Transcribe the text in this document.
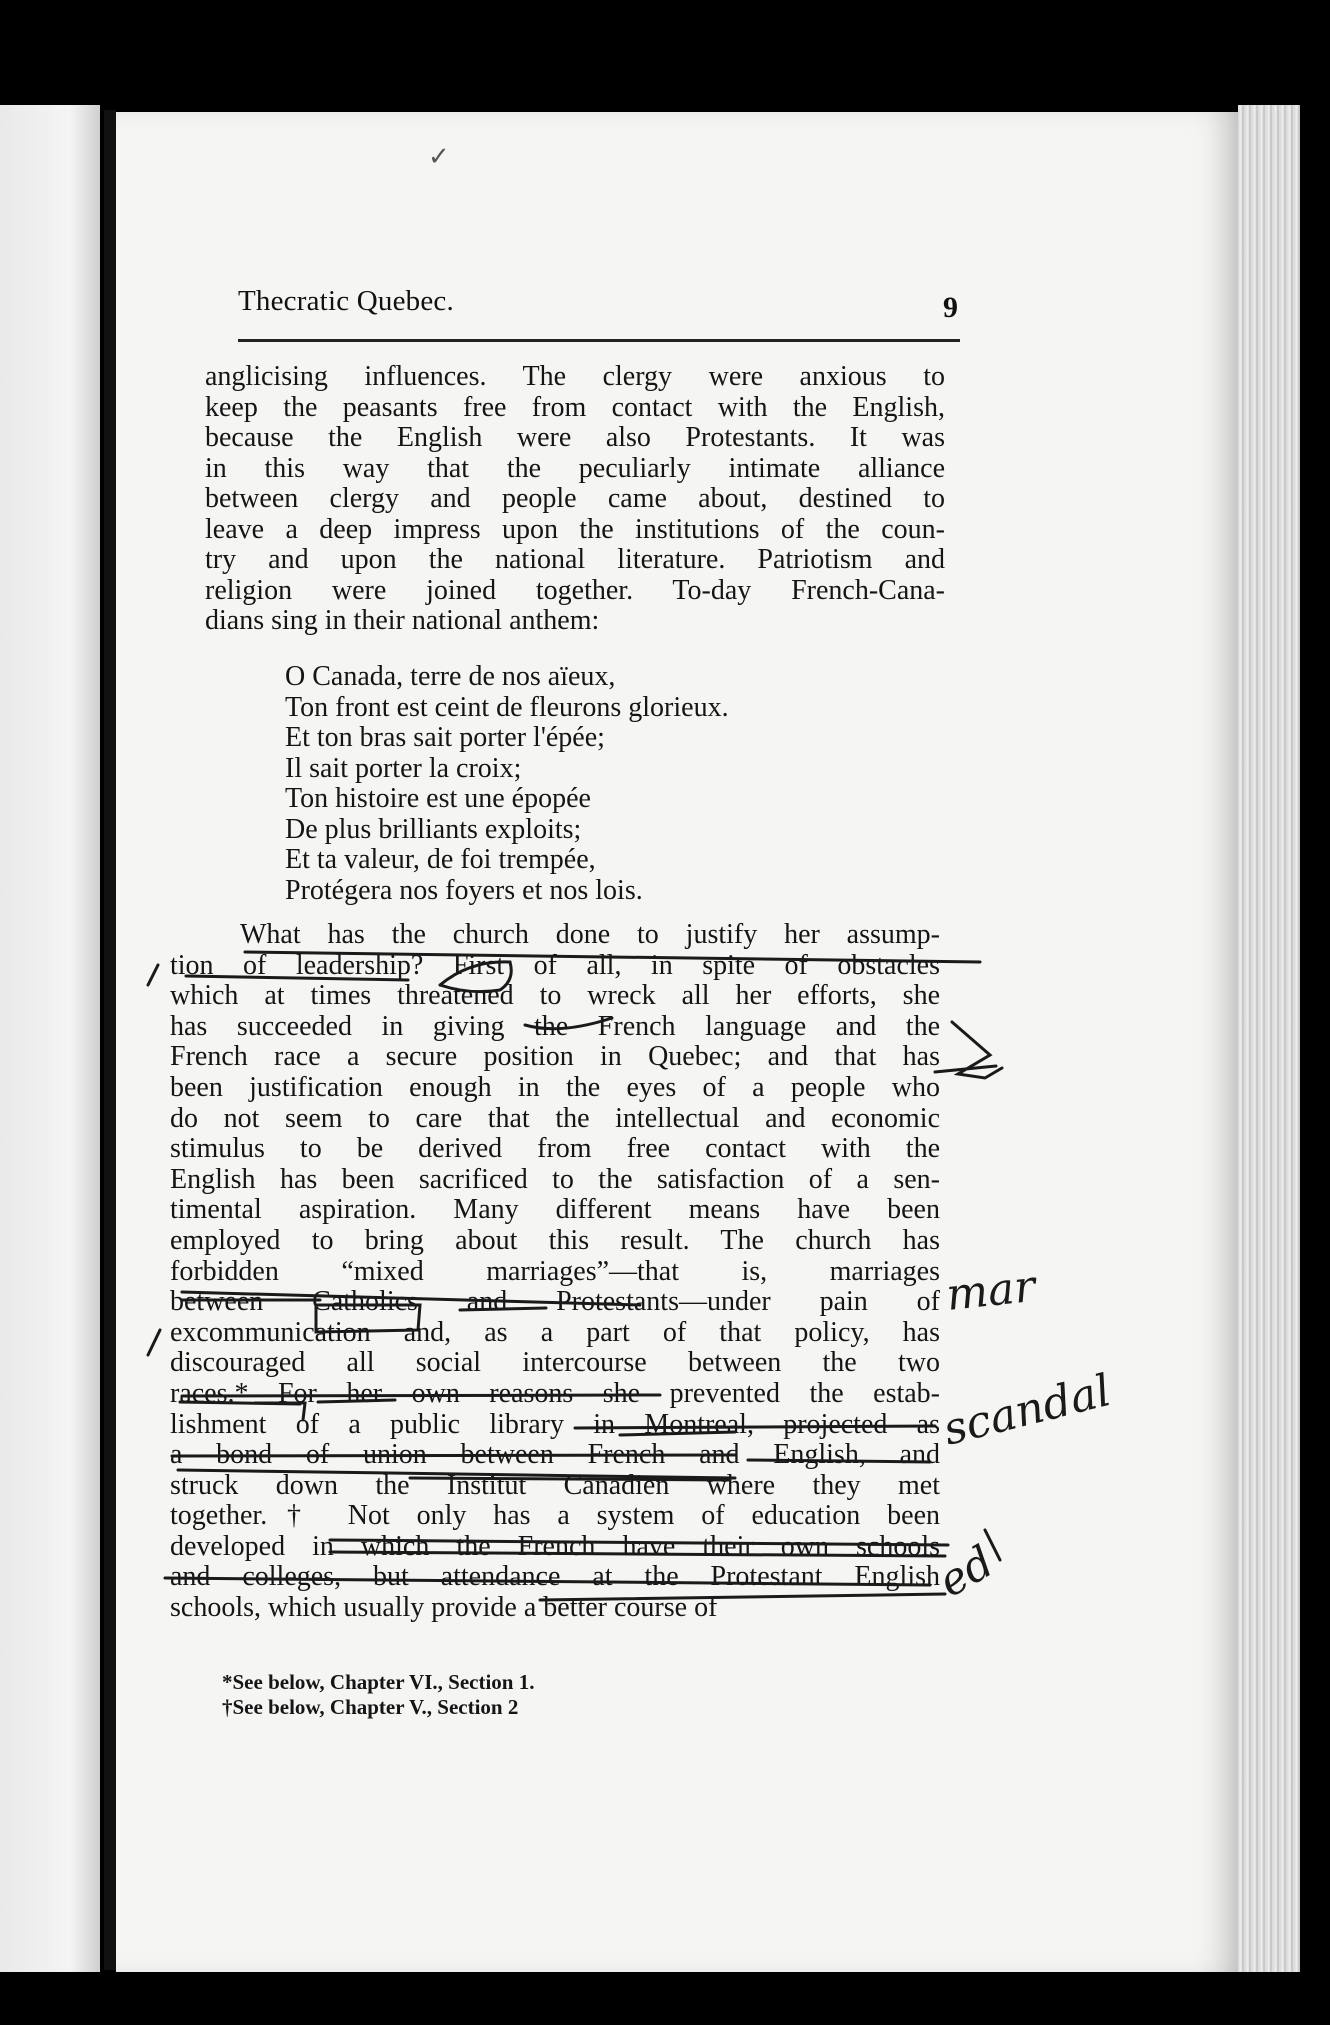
✓
Thecratic Quebec.	9
anglicising influences. The clergy were anxious to
keep the peasants free from contact with the English,
because the English were also Protestants. It was
in this way that the peculiarly intimate alliance
between clergy and people came about, destined to
leave a deep impress upon the institutions of the coun-
try and upon the national literature. Patriotism and
religion were joined together. To-day French-Cana-
dians sing in their national anthem:
O Canada, terre de nos aïeux,
Ton front est ceint de fleurons glorieux.
Et ton bras sait porter l'épée;
Il sait porter la croix;
Ton histoire est une épopée
De plus brilliants exploits;
Et ta valeur, de foi trempée,
Protégera nos foyers et nos lois.
What has the church done to justify her assump-
tion of leadership? First of all, in spite of obstacles
which at times threatened to wreck all her efforts, she
has succeeded in giving the French language and the
French race a secure position in Quebec; and that has
been justification enough in the eyes of a people who
do not seem to care that the intellectual and economic
stimulus to be derived from free contact with the
English has been sacrificed to the satisfaction of a sen-
timental aspiration. Many different means have been
employed to bring about this result. The church has
forbidden “mixed marriages”—that is, marriages
between Catholics and Protestants—under pain of
excommunication and, as a part of that policy, has
discouraged all social intercourse between the two
races.* For her own reasons she prevented the estab-
lishment of a public library in Montreal, projected as
a bond of union between French and English, and
struck down the Institut Canadien where they met
together.† Not only has a system of education been
developed in which the French have their own schools
and colleges, but attendance at the Protestant English
schools, which usually provide a better course of
*See below, Chapter VI., Section 1.
†See below, Chapter V., Section 2
mar
scandal
ed
